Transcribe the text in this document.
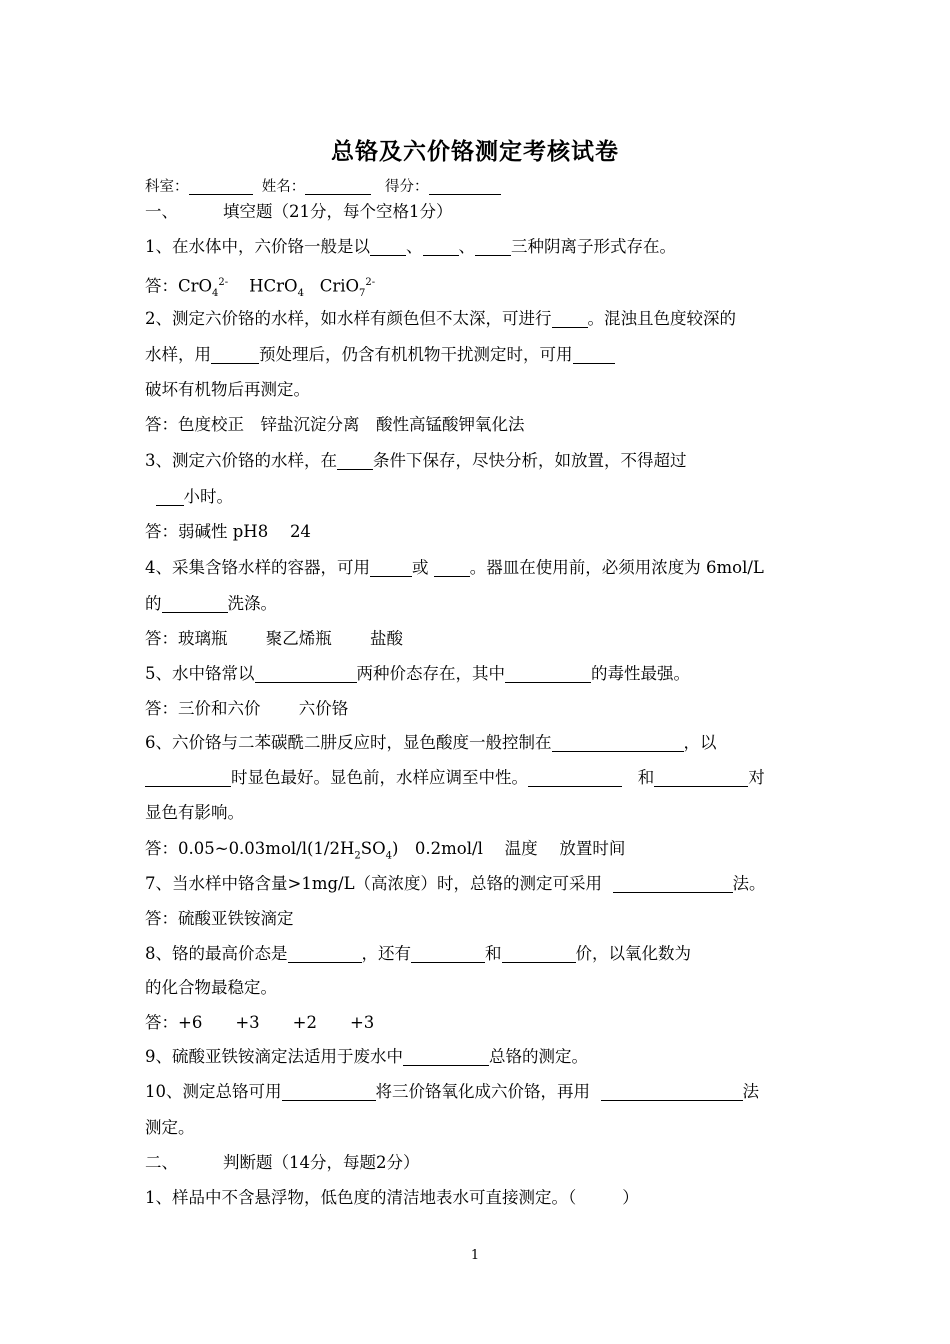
总铬及六价铬测定考核试卷
科室：	姓名：	得分：
一、	填空题（21分，每个空格1分）
1、在水体中，六价铬一般是以 、 、 三种阴离子形式存在。
答：CrO$_4^{2-}$ HCrO$_4$ CriO$_7^{2-}$
2、测定六价铬的水样，如水样有颜色但不太深，可进行 。混浊且色度较深的
水样，用	预处理后，仍含有机机物干扰测定时，可用
破坏有机物后再测定。
答：色度校正　锌盐沉淀分离　酸性高锰酸钾氧化法
3、测定六价铬的水样，在 条件下保存，尽快分析，如放置，不得超过
小时。
答：弱碱性 pH8　 24
4、采集含铬水样的容器，可用	或	。器皿在使用前，必须用浓度为 6mol/L
的	洗涤。
答：玻璃瓶　　 聚乙烯瓶　　 盐酸
5、水中铬常以	两种价态存在，其中	的毒性最强。
答：三价和六价　　 六价铬
6、六价铬与二苯碳酰二肼反应时，显色酸度一般控制在	，以
时显色最好。显色前，水样应调至中性。	和	对
显色有影响。
答：$0.05\sim 0.03mol/l(1/2H_2SO_4)$　0.2mol/l　 温度　 放置时间
7、当水样中铬含量>1mg/L（高浓度）时，总铬的测定可采用	法。
答：硫酸亚铁铵滴定
8、铬的最高价态是	，还有	和	价，以氧化数为
的化合物最稳定。
答：+6　　+3　　+2　　+3
9、硫酸亚铁铵滴定法适用于废水中	总铬的测定。
10、测定总铬可用	将三价铬氧化成六价铬，再用	法
测定。
二、	判断题（14分，每题2分）
1、样品中不含悬浮物，低色度的清洁地表水可直接测定。（	）
1
